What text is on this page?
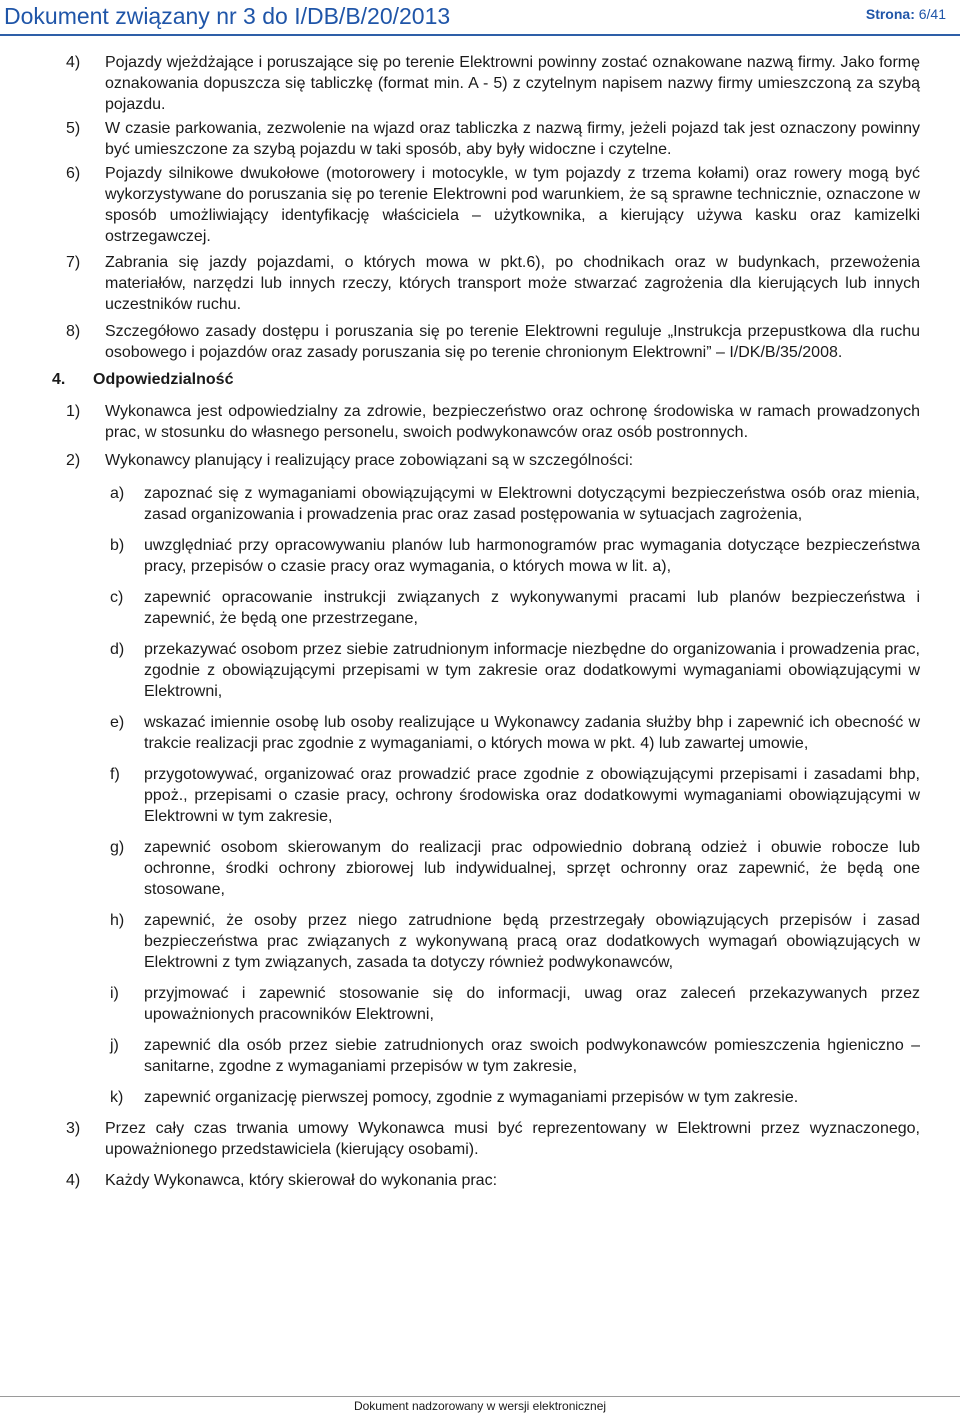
Dokument związany nr 3 do I/DB/B/20/2013	Strona: 6/41
4) Pojazdy wjeżdżające i poruszające się po terenie Elektrowni powinny zostać oznakowane nazwą firmy. Jako formę oznakowania dopuszcza się tabliczkę (format min. A - 5) z czytelnym napisem nazwy firmy umieszczoną za szybą pojazdu.
5) W czasie parkowania, zezwolenie na wjazd oraz tabliczka z nazwą firmy, jeżeli pojazd tak jest oznaczony powinny być umieszczone za szybą pojazdu w taki sposób, aby były widoczne i czytelne.
6) Pojazdy silnikowe dwukołowe (motorowery i motocykle, w tym pojazdy z trzema kołami) oraz rowery mogą być wykorzystywane do poruszania się po terenie Elektrowni pod warunkiem, że są sprawne technicznie, oznaczone w sposób umożliwiający identyfikację właściciela – użytkownika, a kierujący używa kasku oraz kamizelki ostrzegawczej.
7) Zabrania się jazdy pojazdami, o których mowa w pkt.6), po chodnikach oraz w budynkach, przewożenia materiałów, narzędzi lub innych rzeczy, których transport może stwarzać zagrożenia dla kierujących lub innych uczestników ruchu.
8) Szczegółowo zasady dostępu i poruszania się po terenie Elektrowni reguluje „Instrukcja przepustkowa dla ruchu osobowego i pojazdów oraz zasady poruszania się po terenie chronionym Elektrowni” – I/DK/B/35/2008.
4. Odpowiedzialność
1) Wykonawca jest odpowiedzialny za zdrowie, bezpieczeństwo oraz ochronę środowiska w ramach prowadzonych prac, w stosunku do własnego personelu, swoich podwykonawców oraz osób postronnych.
2) Wykonawcy planujący i realizujący prace zobowiązani są w szczególności:
a) zapoznać się z wymaganiami obowiązującymi w Elektrowni dotyczącymi bezpieczeństwa osób oraz mienia, zasad organizowania i prowadzenia prac oraz zasad postępowania w sytuacjach zagrożenia,
b) uwzględniać przy opracowywaniu planów lub harmonogramów prac wymagania dotyczące bezpieczeństwa pracy, przepisów o czasie pracy oraz wymagania, o których mowa w lit. a),
c) zapewnić opracowanie instrukcji związanych z wykonywanymi pracami lub planów bezpieczeństwa i zapewnić, że będą one przestrzegane,
d) przekazywać osobom przez siebie zatrudnionym informacje niezbędne do organizowania i prowadzenia prac, zgodnie z obowiązującymi przepisami w tym zakresie oraz dodatkowymi wymaganiami obowiązującymi w Elektrowni,
e) wskazać imiennie osobę lub osoby realizujące u Wykonawcy zadania służby bhp i zapewnić ich obecność w trakcie realizacji prac zgodnie z wymaganiami, o których mowa w pkt. 4) lub zawartej umowie,
f) przygotowywać, organizować oraz prowadzić prace zgodnie z obowiązującymi przepisami i zasadami bhp, ppoż., przepisami o czasie pracy, ochrony środowiska oraz dodatkowymi wymaganiami obowiązującymi w Elektrowni w tym zakresie,
g) zapewnić osobom skierowanym do realizacji prac odpowiednio dobraną odzież i obuwie robocze lub ochronne, środki ochrony zbiorowej lub indywidualnej, sprzęt ochronny oraz zapewnić, że będą one stosowane,
h) zapewnić, że osoby przez niego zatrudnione będą przestrzegały obowiązujących przepisów i zasad bezpieczeństwa prac związanych z wykonywaną pracą oraz dodatkowych wymagań obowiązujących w Elektrowni z tym związanych, zasada ta dotyczy również podwykonawców,
i) przyjmować i zapewnić stosowanie się do informacji, uwag oraz zaleceń przekazywanych przez upoważnionych pracowników Elektrowni,
j) zapewnić dla osób przez siebie zatrudnionych oraz swoich podwykonawców pomieszczenia hgieniczno – sanitarne, zgodne z wymaganiami przepisów w tym zakresie,
k) zapewnić organizację pierwszej pomocy, zgodnie z wymaganiami przepisów w tym zakresie.
3) Przez cały czas trwania umowy Wykonawca musi być reprezentowany w Elektrowni przez wyznaczonego, upoważnionego przedstawiciela (kierujący osobami).
4) Każdy Wykonawca, który skierował do wykonania prac:
Dokument nadzorowany w wersji elektronicznej
